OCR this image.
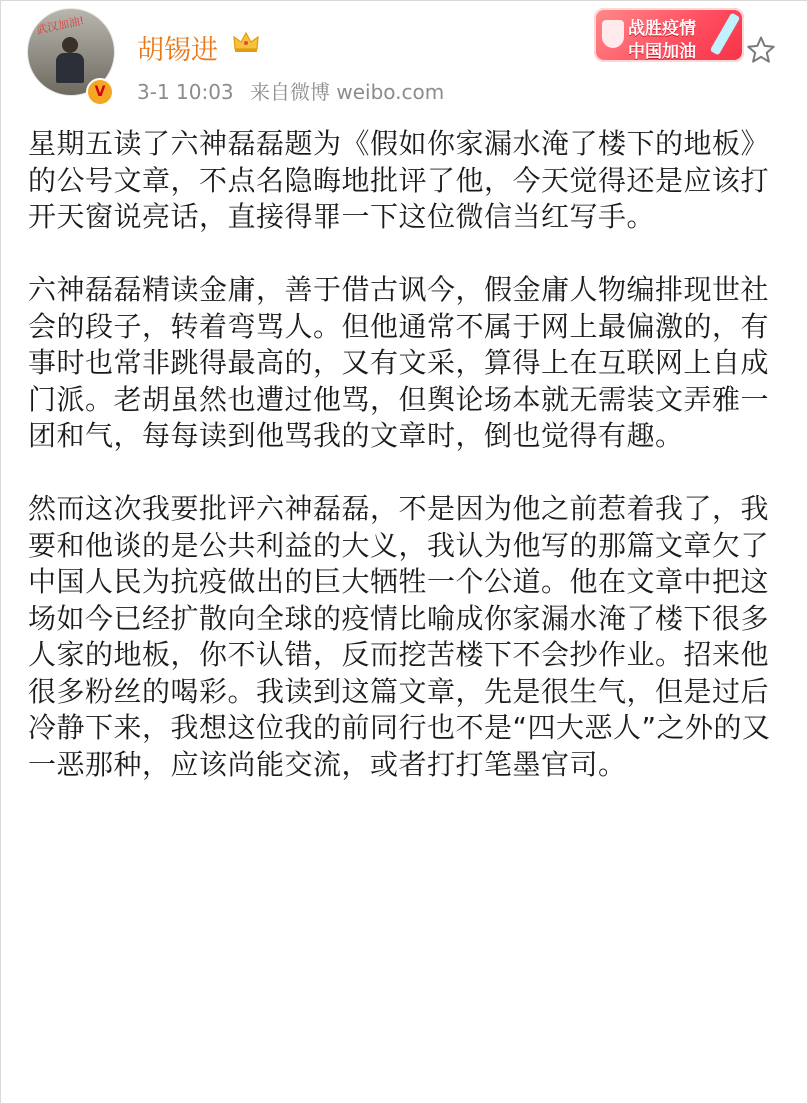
武汉加油!
V
胡锡进
3-1 10:03 来自微博 weibo.com
战胜疫情
中国加油

星期五读了六神磊磊题为《假如你家漏水淹了楼下的地板》的公号文章，不点名隐晦地批评了他，今天觉得还是应该打开天窗说亮话，直接得罪一下这位微信当红写手。

六神磊磊精读金庸，善于借古讽今，假金庸人物编排现世社会的段子，转着弯骂人。但他通常不属于网上最偏激的，有事时也常非跳得最高的，又有文采，算得上在互联网上自成门派。老胡虽然也遭过他骂，但舆论场本就无需装文弄雅一团和气，每每读到他骂我的文章时，倒也觉得有趣。

然而这次我要批评六神磊磊，不是因为他之前惹着我了，我要和他谈的是公共利益的大义，我认为他写的那篇文章欠了中国人民为抗疫做出的巨大牺牲一个公道。他在文章中把这场如今已经扩散向全球的疫情比喻成你家漏水淹了楼下很多人家的地板，你不认错，反而挖苦楼下不会抄作业。招来他很多粉丝的喝彩。我读到这篇文章，先是很生气，但是过后冷静下来，我想这位我的前同行也不是“四大恶人”之外的又一恶那种，应该尚能交流，或者打打笔墨官司。
